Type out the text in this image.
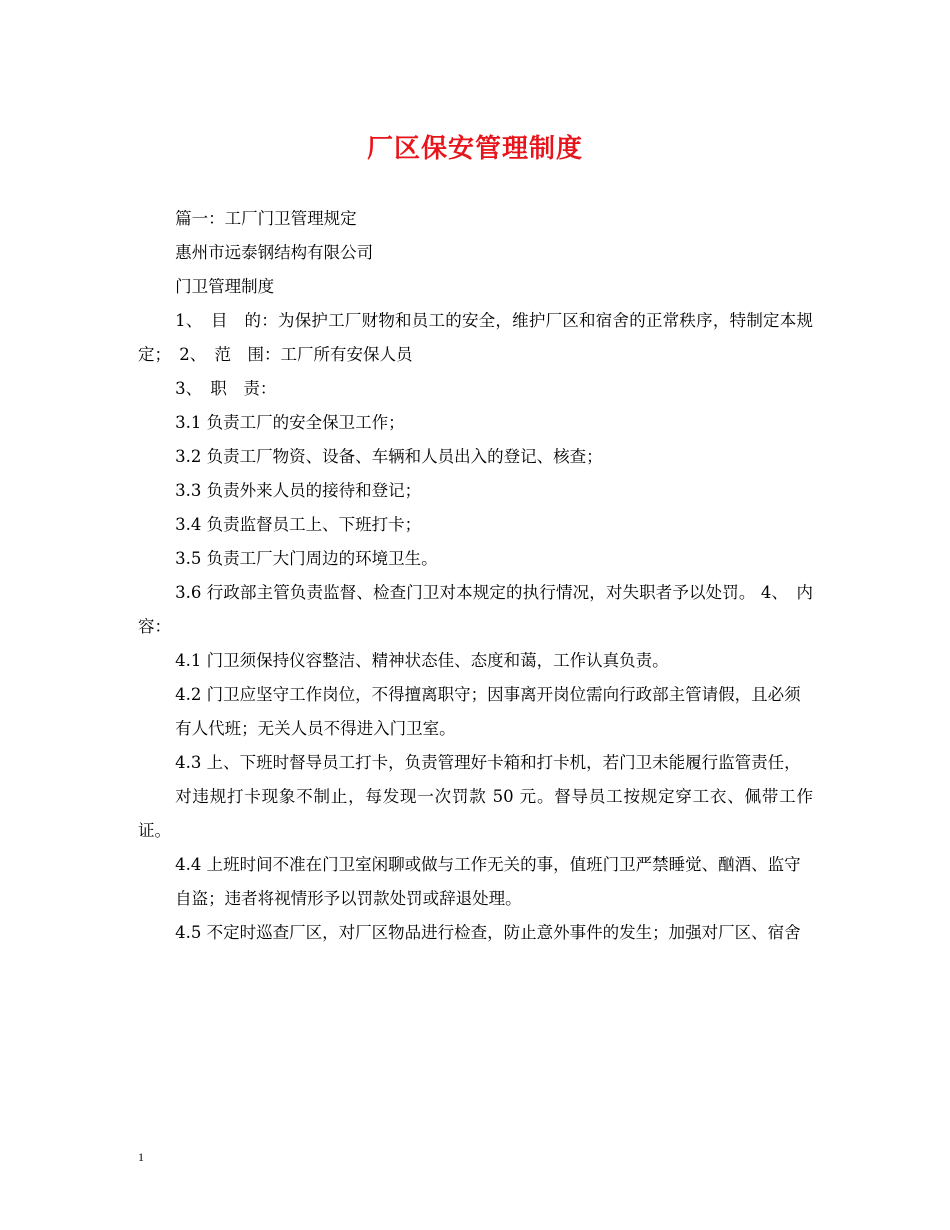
厂区保安管理制度

篇一：工厂门卫管理规定

惠州市远泰钢结构有限公司

门卫管理制度

1、　目　的：为保护工厂财物和员工的安全，维护厂区和宿舍的正常秩序，特制定本规定；　2、　范　围：工厂所有安保人员

3、　职　责：

3.1 负责工厂的安全保卫工作；

3.2 负责工厂物资、设备、车辆和人员出入的登记、核查；

3.3 负责外来人员的接待和登记；

3.4 负责监督员工上、下班打卡；

3.5 负责工厂大门周边的环境卫生。

3.6 行政部主管负责监督、检查门卫对本规定的执行情况，对失职者予以处罚。 4、　内　容：

4.1 门卫须保持仪容整洁、精神状态佳、态度和蔼，工作认真负责。

4.2 门卫应坚守工作岗位，不得擅离职守；因事离开岗位需向行政部主管请假，且必须

有人代班；无关人员不得进入门卫室。

4.3 上、下班时督导员工打卡，负责管理好卡箱和打卡机，若门卫未能履行监管责任，

对违规打卡现象不制止，每发现一次罚款 50 元。督导员工按规定穿工衣、佩带工作证。

4.4 上班时间不准在门卫室闲聊或做与工作无关的事，值班门卫严禁睡觉、酗酒、监守

自盗；违者将视情形予以罚款处罚或辞退处理。

4.5 不定时巡查厂区，对厂区物品进行检查，防止意外事件的发生；加强对厂区、宿舍

1
